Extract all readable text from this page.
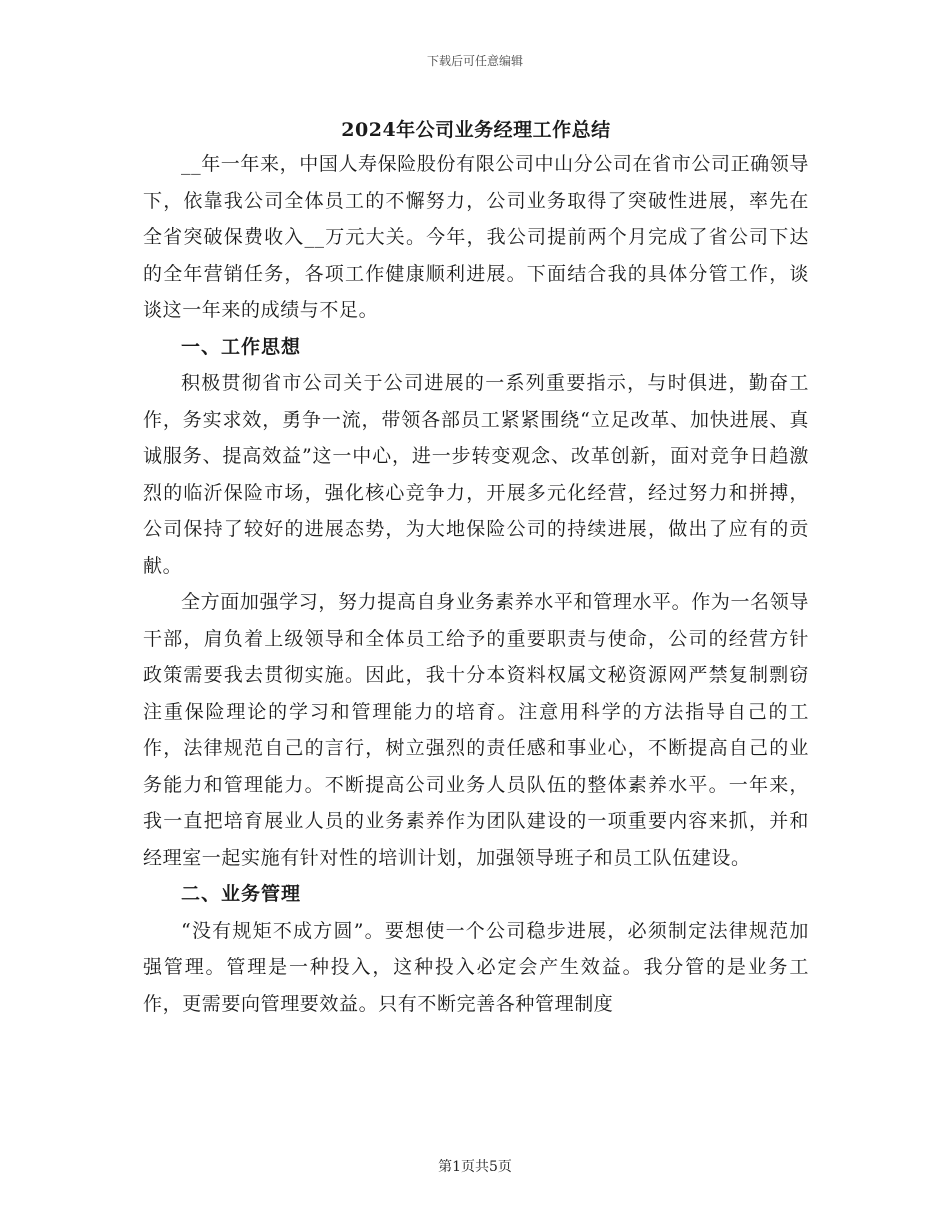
下载后可任意编辑
2024年公司业务经理工作总结

__年一年来，中国人寿保险股份有限公司中山分公司在省市公司正确领导下，依靠我公司全体员工的不懈努力，公司业务取得了突破性进展，率先在全省突破保费收入__万元大关。今年，我公司提前两个月完成了省公司下达的全年营销任务，各项工作健康顺利进展。下面结合我的具体分管工作，谈谈这一年来的成绩与不足。

一、工作思想

积极贯彻省市公司关于公司进展的一系列重要指示，与时俱进，勤奋工作，务实求效，勇争一流，带领各部员工紧紧围绕“立足改革、加快进展、真诚服务、提高效益”这一中心，进一步转变观念、改革创新，面对竞争日趋激烈的临沂保险市场，强化核心竞争力，开展多元化经营，经过努力和拼搏，公司保持了较好的进展态势，为大地保险公司的持续进展，做出了应有的贡献。

全方面加强学习，努力提高自身业务素养水平和管理水平。作为一名领导干部，肩负着上级领导和全体员工给予的重要职责与使命，公司的经营方针政策需要我去贯彻实施。因此，我十分本资料权属文秘资源网严禁复制剽窃注重保险理论的学习和管理能力的培育。注意用科学的方法指导自己的工作，法律规范自己的言行，树立强烈的责任感和事业心，不断提高自己的业务能力和管理能力。不断提高公司业务人员队伍的整体素养水平。一年来，我一直把培育展业人员的业务素养作为团队建设的一项重要内容来抓，并和经理室一起实施有针对性的培训计划，加强领导班子和员工队伍建设。

二、业务管理

“没有规矩不成方圆”。要想使一个公司稳步进展，必须制定法律规范加强管理。管理是一种投入，这种投入必定会产生效益。我分管的是业务工作，更需要向管理要效益。只有不断完善各种管理制度

第1页共5页
